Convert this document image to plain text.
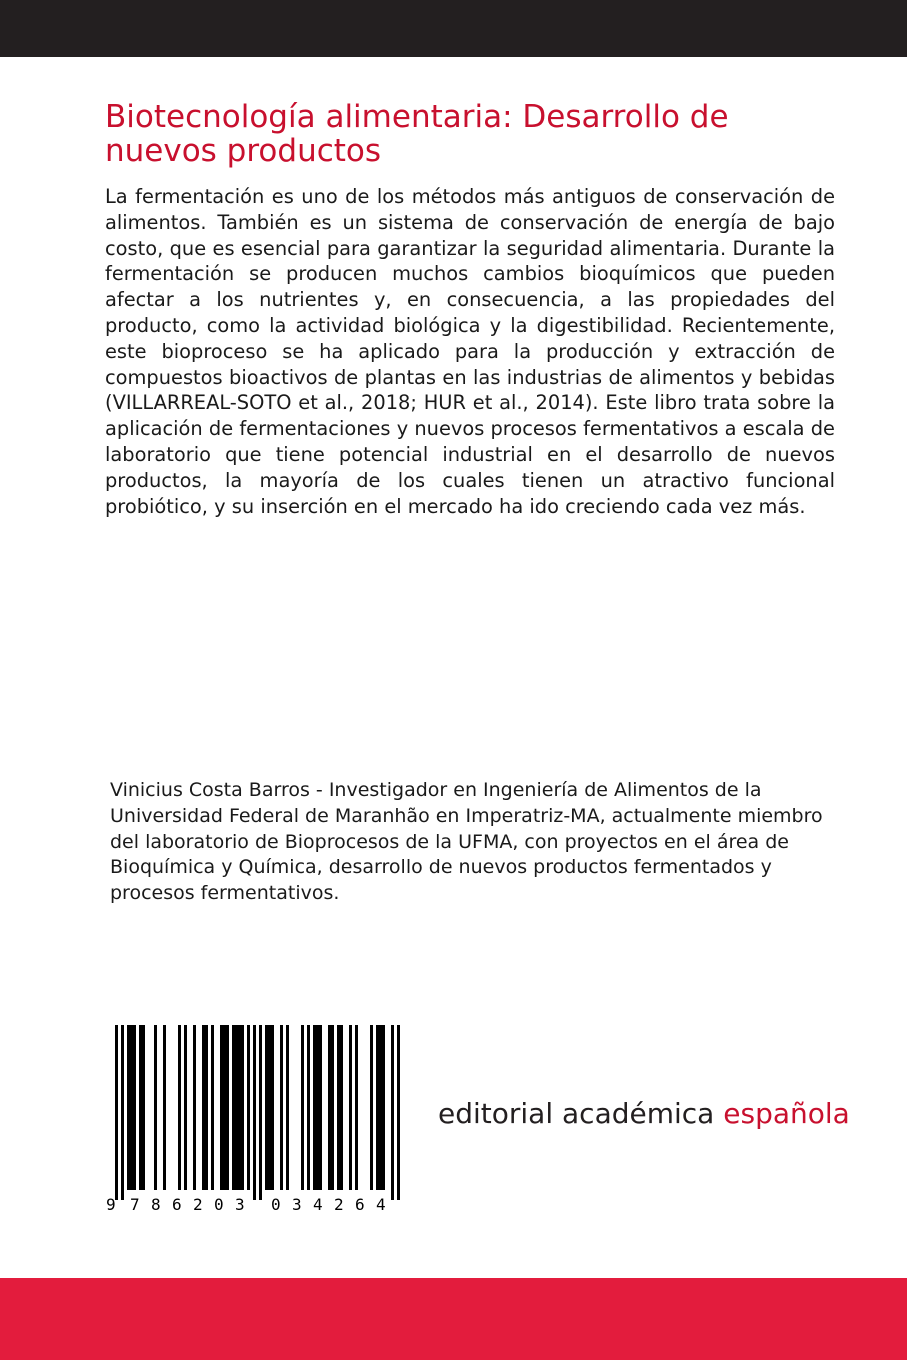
Biotecnología alimentaria: Desarrollo de nuevos productos

La fermentación es uno de los métodos más antiguos de conservación de alimentos. También es un sistema de conservación de energía de bajo costo, que es esencial para garantizar la seguridad alimentaria. Durante la fermentación se producen muchos cambios bioquímicos que pueden afectar a los nutrientes y, en consecuencia, a las propiedades del producto, como la actividad biológica y la digestibilidad. Recientemente, este bioproceso se ha aplicado para la producción y extracción de compuestos bioactivos de plantas en las industrias de alimentos y bebidas (VILLARREAL-SOTO et al., 2018; HUR et al., 2014). Este libro trata sobre la aplicación de fermentaciones y nuevos procesos fermentativos a escala de laboratorio que tiene potencial industrial en el desarrollo de nuevos productos, la mayoría de los cuales tienen un atractivo funcional probiótico, y su inserción en el mercado ha ido creciendo cada vez más.

Vinicius Costa Barros - Investigador en Ingeniería de Alimentos de la Universidad Federal de Maranhão en Imperatriz-MA, actualmente miembro del laboratorio de Bioprocesos de la UFMA, con proyectos en el área de Bioquímica y Química, desarrollo de nuevos productos fermentados y procesos fermentativos.

9 7 8 6 2 0 3 0 3 4 2 6 4
editorial académica española
